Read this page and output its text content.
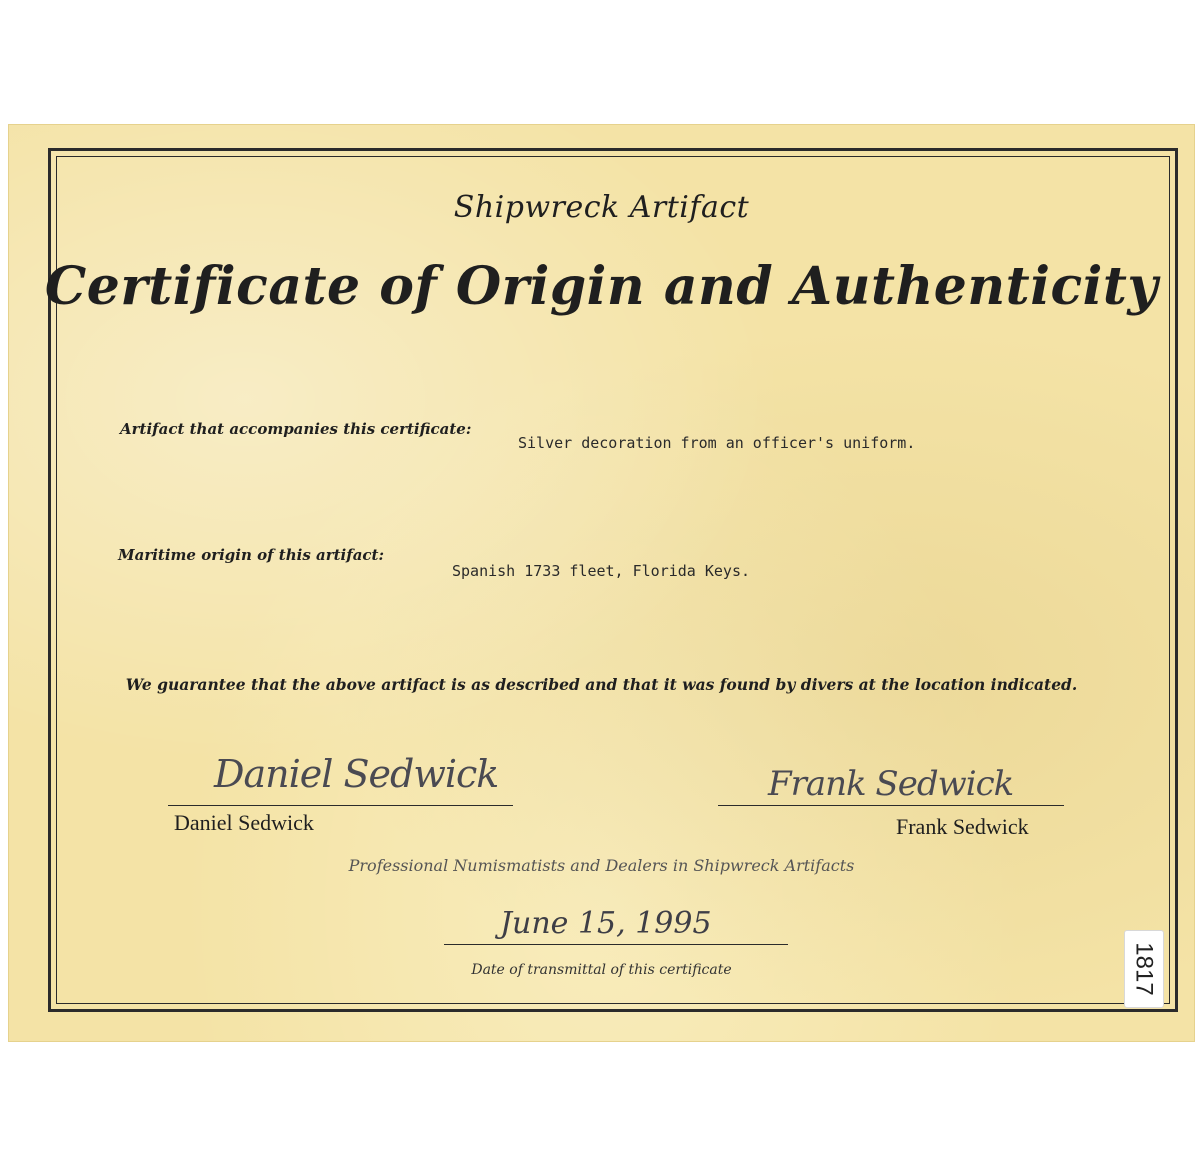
Shipwreck Artifact
Certificate of Origin and Authenticity
Artifact that accompanies this certificate:
Silver decoration from an officer's uniform.
Maritime origin of this artifact:
Spanish 1733 fleet, Florida Keys.
We guarantee that the above artifact is as described and that it was found by divers at the location indicated.
Daniel Sedwick
Daniel Sedwick
Frank Sedwick
Frank Sedwick
Professional Numismatists and Dealers in Shipwreck Artifacts
June 15, 1995
Date of transmittal of this certificate	1817
